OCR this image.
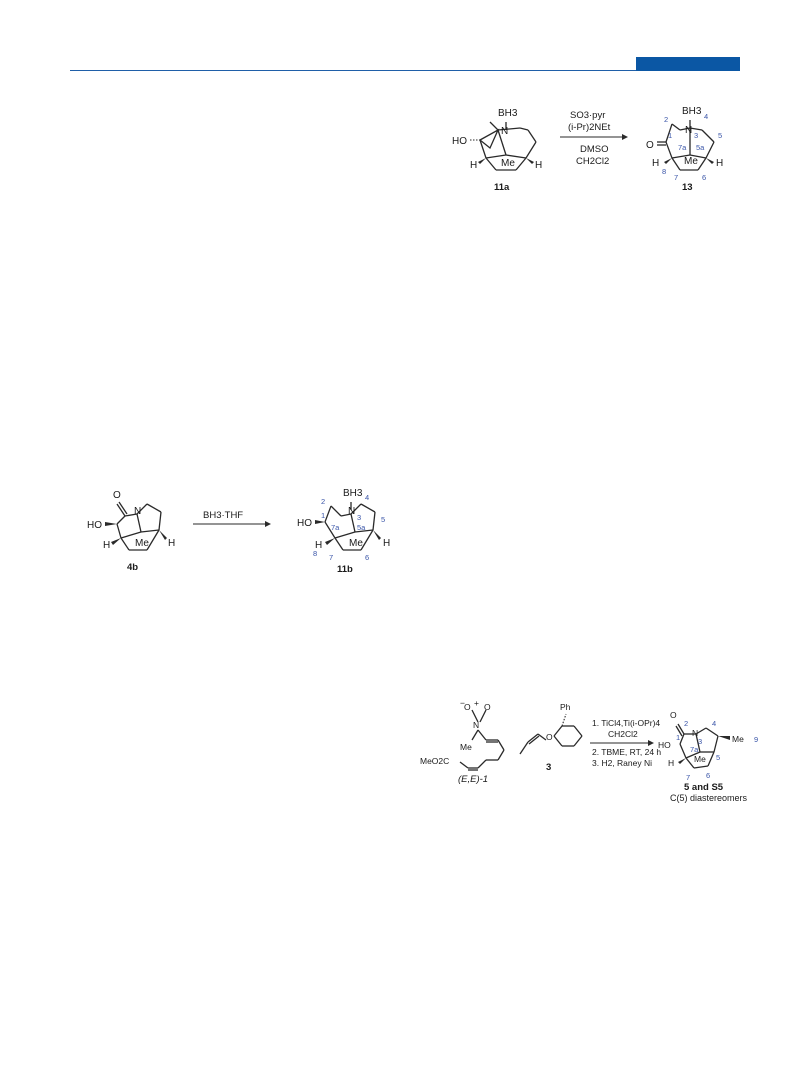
BH3
N
HO
H	H
Me
11a
SO3·pyr
(i-Pr)2NEt
DMSO
CH2Cl2
BH3
N
O
H	H
Me
2
1	3
4
5
7a 5a
8
7	6
13
O
N
HO
H	H
Me
4b
BH3·THF
BH3
N
HO
H	H
Me
2
1	3
4
5
7a 5a
8 7	6
11b
O + O
N
−
Me
MeO2C
(E,E)-1
O
Ph
3
1. TiCl4,Ti(i-OPr)4
CH2Cl2
2. TBME, RT, 24 h
3. H2, Raney Ni
O
N
HO
H Me
Me
2
1 3
4
9
7a
5
7 6
5 and S5
C(5) diastereomers
